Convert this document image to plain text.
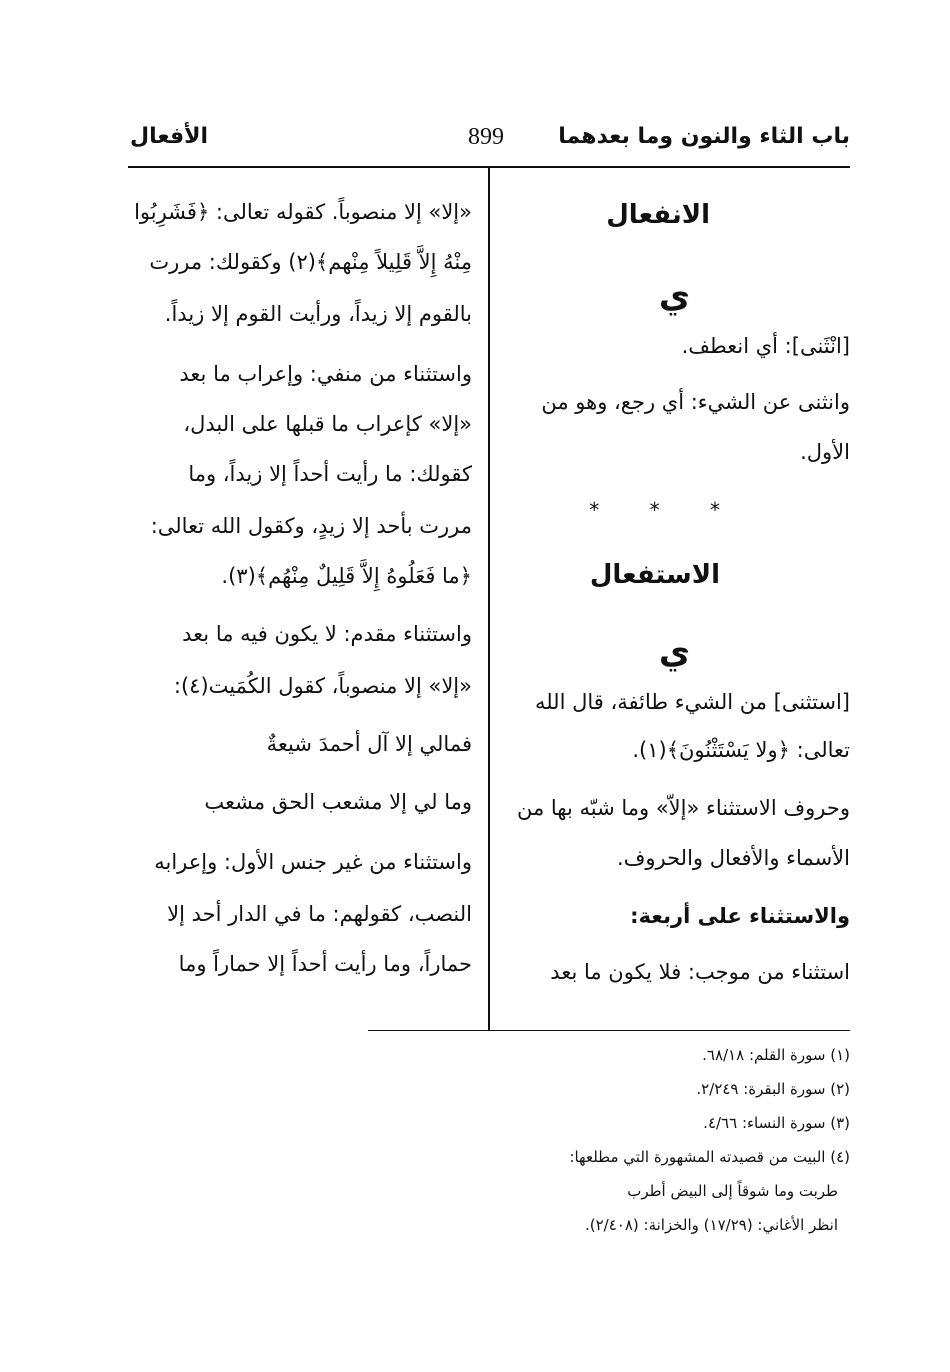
باب الثاء والنون وما بعدهما
899
الأفعال
الانفعال
ي
[انْثَنى]: أي انعطف.
وانثنى عن الشيء: أي رجع، وهو من
الأول.
* * *
الاستفعال
ي
[استثنى] من الشيء طائفة، قال الله
تعالى: ﴿ولا يَسْتَثْنُونَ﴾(١).
وحروف الاستثناء «إلاّ» وما شبّه بها من
الأسماء والأفعال والحروف.
والاستثناء على أربعة:
استثناء من موجب: فلا يكون ما بعد
«إلا» إلا منصوباً. كقوله تعالى: ﴿فَشَرِبُوا
مِنْهُ إِلاَّ قَلِيلاً مِنْهم﴾(٢) وكقولك: مررت
بالقوم إلا زيداً، ورأيت القوم إلا زيداً.
واستثناء من منفي: وإعراب ما بعد
«إلا» كإعراب ما قبلها على البدل،
كقولك: ما رأيت أحداً إلا زيداً، وما
مررت بأحد إلا زيدٍ، وكقول الله تعالى:
﴿ما فَعَلُوهُ إِلاَّ قَلِيلٌ مِنْهُم﴾(٣).
واستثناء مقدم: لا يكون فيه ما بعد
«إلا» إلا منصوباً، كقول الكُمَيت(٤):
فمالي إلا آل أحمدَ شيعةٌ
وما لي إلا مشعب الحق مشعب
واستثناء من غير جنس الأول: وإعرابه
النصب، كقولهم: ما في الدار أحد إلا
حماراً، وما رأيت أحداً إلا حماراً وما
(١) سورة القلم: ٦٨/١٨.
(٢) سورة البقرة: ٢/٢٤٩.
(٣) سورة النساء: ٤/٦٦.
(٤) البيت من قصيدته المشهورة التي مطلعها:
طربت وما شوقاً إلى البيض أطرب
انظر الأغاني: (١٧/٢٩) والخزانة: (٢/٤٠٨).
